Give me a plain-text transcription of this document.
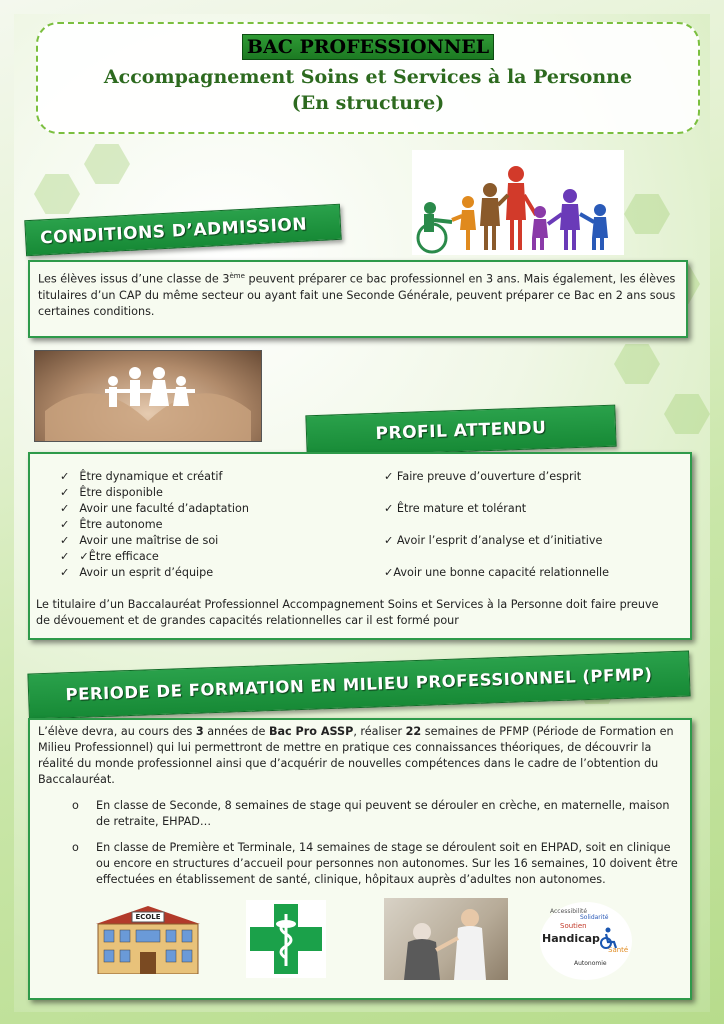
BAC PROFESSIONNEL
Accompagnement Soins et Services à la Personne
(En structure)
CONDITIONS D’ADMISSION
Les élèves issus d’une classe de 3ème peuvent préparer ce bac professionnel en 3 ans. Mais également, les élèves titulaires d’un CAP du même secteur ou ayant fait une Seconde Générale, peuvent préparer ce Bac en 2 ans sous certaines conditions.
PROFIL ATTENDU
✓ Être dynamique et créatif
✓ Être disponible
✓ Avoir une faculté d’adaptation
✓ Être autonome
✓ Avoir une maîtrise de soi
✓ ✓Être efficace
✓ Avoir un esprit d’équipe
✓ Faire preuve d’ouverture d’esprit
✓ Être mature et tolérant
✓ Avoir l’esprit d’analyse et d’initiative
✓Avoir une bonne capacité relationnelle
Le titulaire d’un Baccalauréat Professionnel Accompagnement Soins et Services à la Personne doit faire preuve de dévouement et de grandes capacités relationnelles car il est formé pour
PERIODE DE FORMATION EN MILIEU PROFESSIONNEL (PFMP)
L’élève devra, au cours des 3 années de Bac Pro ASSP, réaliser 22 semaines de PFMP (Période de Formation en Milieu Professionnel) qui lui permettront de mettre en pratique ces connaissances théoriques, de découvrir la réalité du monde professionnel ainsi que d’acquérir de nouvelles compétences dans le cadre de l’obtention du Baccalauréat.
o En classe de Seconde, 8 semaines de stage qui peuvent se dérouler en crèche, en maternelle, maison de retraite, EHPAD…
o En classe de Première et Terminale, 14 semaines de stage se déroulent soit en EHPAD, soit en clinique ou encore en structures d’accueil pour personnes non autonomes. Sur les 16 semaines, 10 doivent être effectuées en établissement de santé, clinique, hôpitaux auprès d’adultes non autonomes.
ECOLE
Accessibilité
Handicap
Soutien
Solidarité
Autonomie
Santé
